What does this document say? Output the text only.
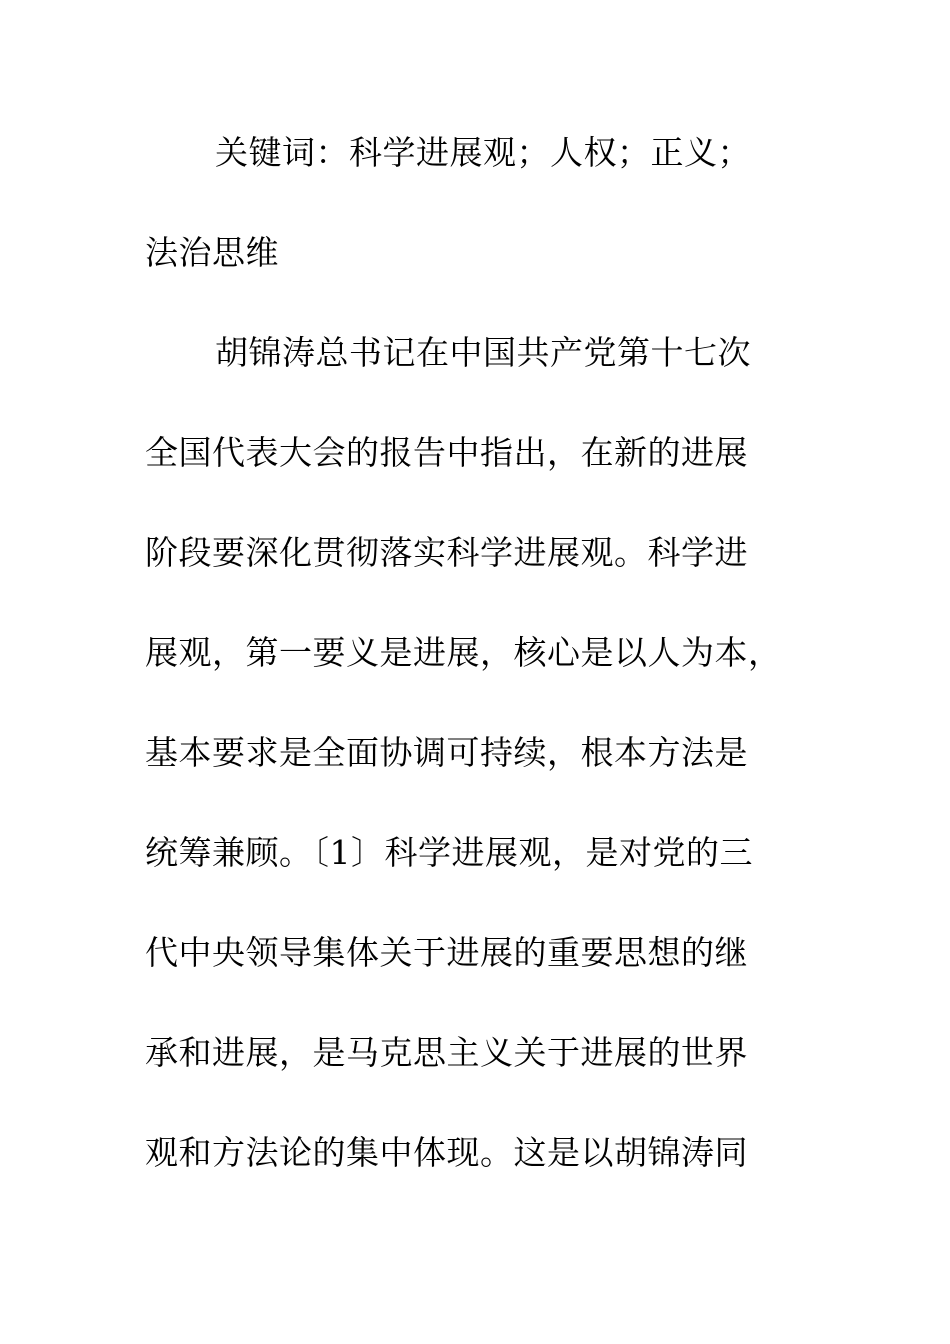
关键词：科学进展观；人权；正义；
法治思维
胡锦涛总书记在中国共产党第十七次
全国代表大会的报告中指出，在新的进展
阶段要深化贯彻落实科学进展观。科学进
展观，第一要义是进展，核心是以人为本，
基本要求是全面协调可持续，根本方法是
统筹兼顾。〔1〕科学进展观，是对党的三
代中央领导集体关于进展的重要思想的继
承和进展，是马克思主义关于进展的世界
观和方法论的集中体现。这是以胡锦涛同
